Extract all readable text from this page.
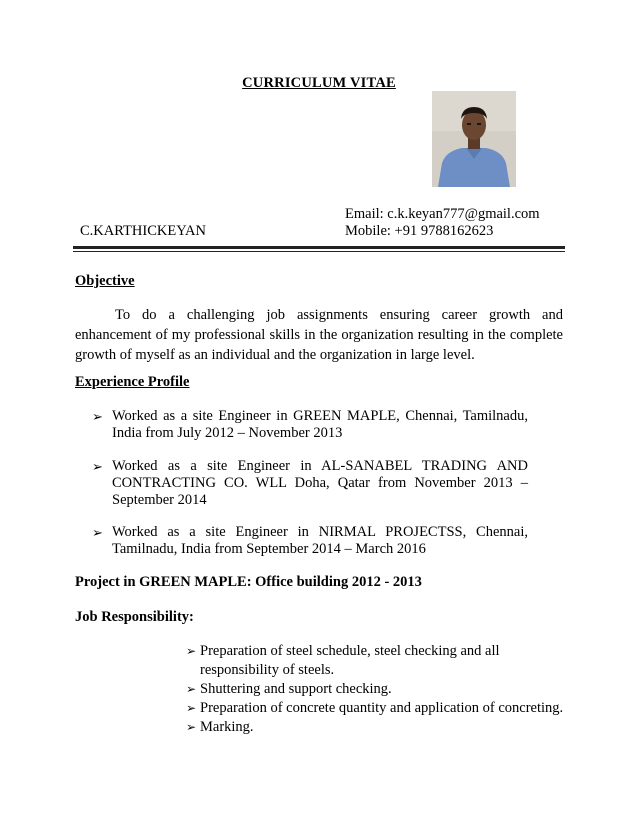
CURRICULUM VITAE
Email: c.k.keyan777@gmail.com
C.KARTHICKEYAN	Mobile: +91 9788162623
Objective
To do a challenging job assignments ensuring career growth and enhancement of my professional skills in the organization resulting in the complete growth of myself as an individual and the organization in large level.
Experience Profile
➢ Worked as a site Engineer in GREEN MAPLE, Chennai, Tamilnadu, India from July 2012 – November 2013
➢ Worked as a site Engineer in AL-SANABEL TRADING AND CONTRACTING CO. WLL Doha, Qatar from November 2013 – September 2014
➢ Worked as a site Engineer in NIRMAL PROJECTSS, Chennai, Tamilnadu, India from September 2014 – March 2016
Project in GREEN MAPLE: Office building 2012 - 2013
Job Responsibility:
➢ Preparation of steel schedule, steel checking and all responsibility of steels.
➢ Shuttering and support checking.
➢ Preparation of concrete quantity and application of concreting.
➢ Marking.
